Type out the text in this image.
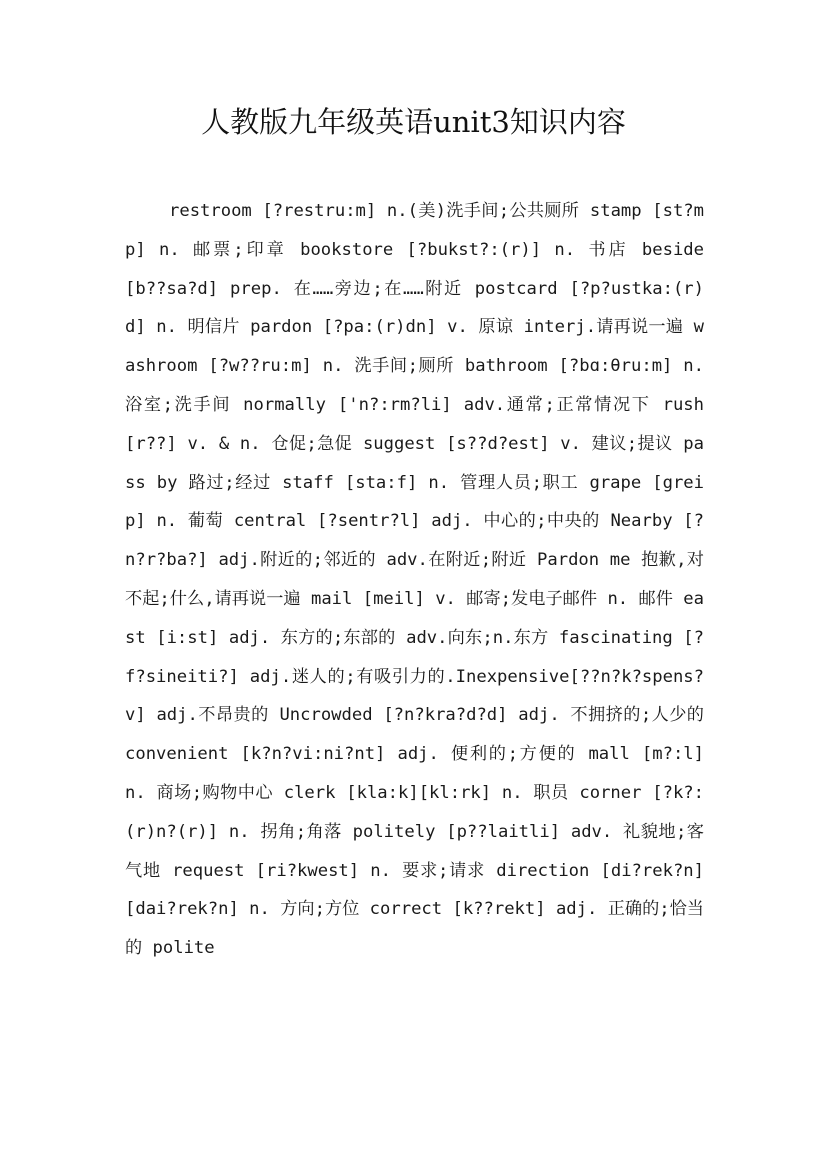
人教版九年级英语unit3知识内容

restroom [?restru:m] n.(美)洗手间;公共厕所 stamp [st?mp] n. 邮票;印章 bookstore [?bukst?:(r)] n. 书店 beside[b??sa?d] prep. 在……旁边;在……附近 postcard [?p?ustka:(r)d] n. 明信片 pardon [?pa:(r)dn] v. 原谅 interj.请再说一遍 washroom [?w??ru:m] n. 洗手间;厕所 bathroom [?bɑ:θru:m] n. 浴室;洗手间 normally ['n?:rm?li] adv.通常;正常情况下 rush [r??] v. & n. 仓促;急促 suggest [s??d?est] v. 建议;提议 pass by 路过;经过 staff [sta:f] n. 管理人员;职工 grape [greip] n. 葡萄 central [?sentr?l] adj. 中心的;中央的 Nearby [?n?r?ba?] adj.附近的;邻近的 adv.在附近;附近 Pardon me 抱歉,对不起;什么,请再说一遍 mail [meil] v. 邮寄;发电子邮件 n. 邮件 east [i:st] adj. 东方的;东部的 adv.向东;n.东方 fascinating [?f?sineiti?] adj.迷人的;有吸引力的.Inexpensive[??n?k?spens?v] adj.不昂贵的 Uncrowded [?n?kra?d?d] adj. 不拥挤的;人少的 convenient [k?n?vi:ni?nt] adj. 便利的;方便的 mall [m?:l] n. 商场;购物中心 clerk [kla:k][kl:rk] n. 职员 corner [?k?:(r)n?(r)] n. 拐角;角落 politely [p??laitli] adv. 礼貌地;客气地 request [ri?kwest] n. 要求;请求 direction [di?rek?n] [dai?rek?n] n. 方向;方位 correct [k??rekt] adj. 正确的;恰当的 polite
